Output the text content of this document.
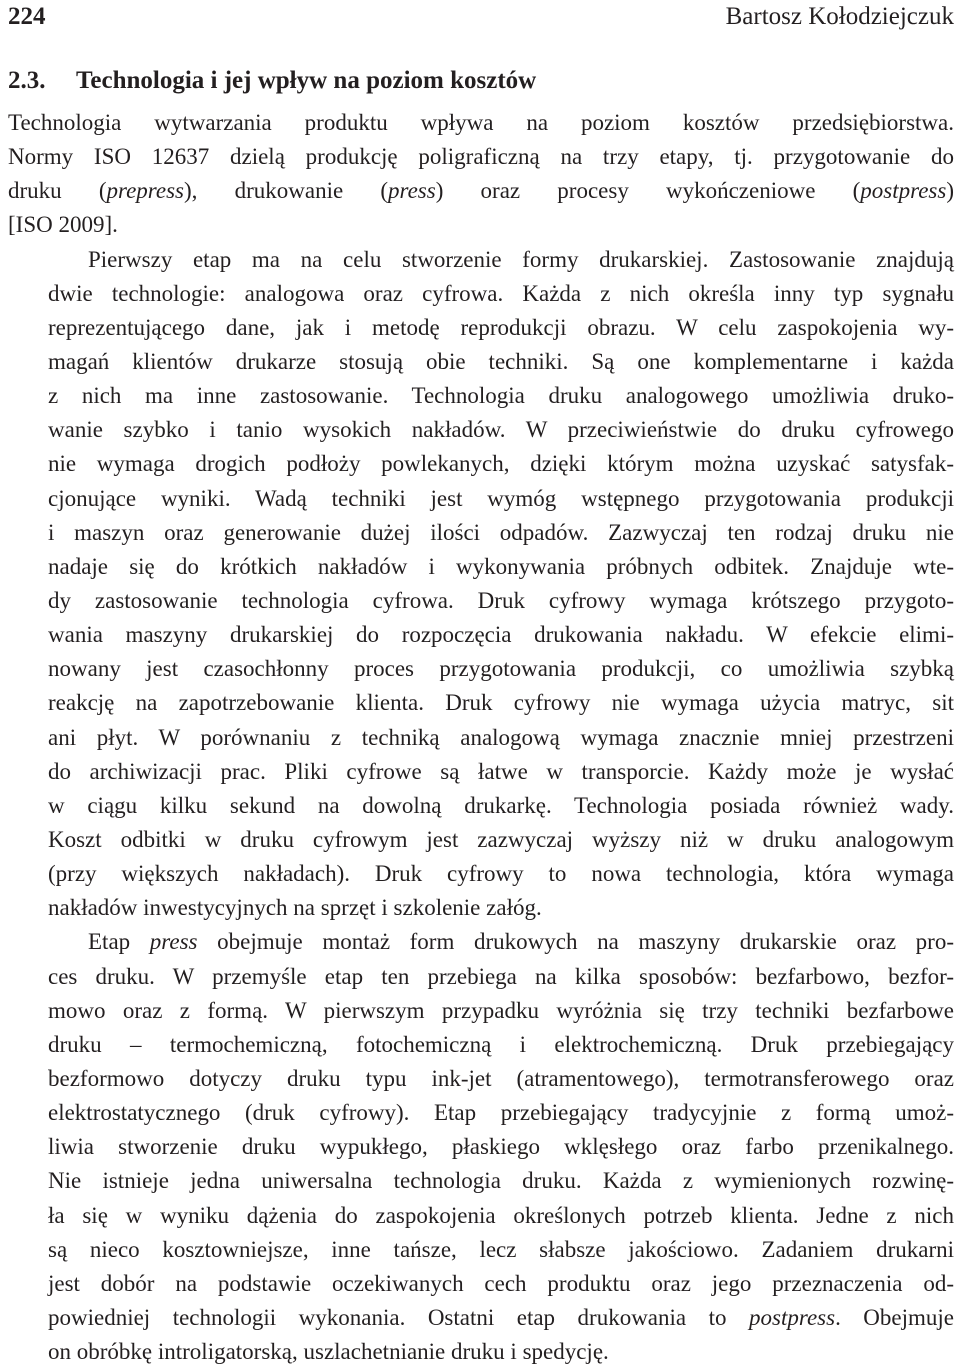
224	Bartosz Kołodziejczuk
2.3. Technologia i jej wpływ na poziom kosztów
Technologia wytwarzania produktu wpływa na poziom kosztów przedsiębiorstwa.
Normy ISO 12637 dzielą produkcję poligraficzną na trzy etapy, tj. przygotowanie do
druku (prepress), drukowanie (press) oraz procesy wykończeniowe (postpress)
[ISO 2009].
Pierwszy etap ma na celu stworzenie formy drukarskiej. Zastosowanie znajdują
dwie technologie: analogowa oraz cyfrowa. Każda z nich określa inny typ sygnału
reprezentującego dane, jak i metodę reprodukcji obrazu. W celu zaspokojenia wy-
magań klientów drukarze stosują obie techniki. Są one komplementarne i każda
z nich ma inne zastosowanie. Technologia druku analogowego umożliwia druko-
wanie szybko i tanio wysokich nakładów. W przeciwieństwie do druku cyfrowego
nie wymaga drogich podłoży powlekanych, dzięki którym można uzyskać satysfak-
cjonujące wyniki. Wadą techniki jest wymóg wstępnego przygotowania produkcji
i maszyn oraz generowanie dużej ilości odpadów. Zazwyczaj ten rodzaj druku nie
nadaje się do krótkich nakładów i wykonywania próbnych odbitek. Znajduje wte-
dy zastosowanie technologia cyfrowa. Druk cyfrowy wymaga krótszego przygoto-
wania maszyny drukarskiej do rozpoczęcia drukowania nakładu. W efekcie elimi-
nowany jest czasochłonny proces przygotowania produkcji, co umożliwia szybką
reakcję na zapotrzebowanie klienta. Druk cyfrowy nie wymaga użycia matryc, sit
ani płyt. W porównaniu z techniką analogową wymaga znacznie mniej przestrzeni
do archiwizacji prac. Pliki cyfrowe są łatwe w transporcie. Każdy może je wysłać
w ciągu kilku sekund na dowolną drukarkę. Technologia posiada również wady.
Koszt odbitki w druku cyfrowym jest zazwyczaj wyższy niż w druku analogowym
(przy większych nakładach). Druk cyfrowy to nowa technologia, która wymaga
nakładów inwestycyjnych na sprzęt i szkolenie załóg.
Etap press obejmuje montaż form drukowych na maszyny drukarskie oraz pro-
ces druku. W przemyśle etap ten przebiega na kilka sposobów: bezfarbowo, bezfor-
mowo oraz z formą. W pierwszym przypadku wyróżnia się trzy techniki bezfarbowe
druku – termochemiczną, fotochemiczną i elektrochemiczną. Druk przebiegający
bezformowo dotyczy druku typu ink-jet (atramentowego), termotransferowego oraz
elektrostatycznego (druk cyfrowy). Etap przebiegający tradycyjnie z formą umoż-
liwia stworzenie druku wypukłego, płaskiego wklęsłego oraz farbo przenikalnego.
Nie istnieje jedna uniwersalna technologia druku. Każda z wymienionych rozwinę-
ła się w wyniku dążenia do zaspokojenia określonych potrzeb klienta. Jedne z nich
są nieco kosztowniejsze, inne tańsze, lecz słabsze jakościowo. Zadaniem drukarni
jest dobór na podstawie oczekiwanych cech produktu oraz jego przeznaczenia od-
powiedniej technologii wykonania. Ostatni etap drukowania to postpress. Obejmuje
on obróbkę introligatorską, uszlachetnianie druku i spedycję.
